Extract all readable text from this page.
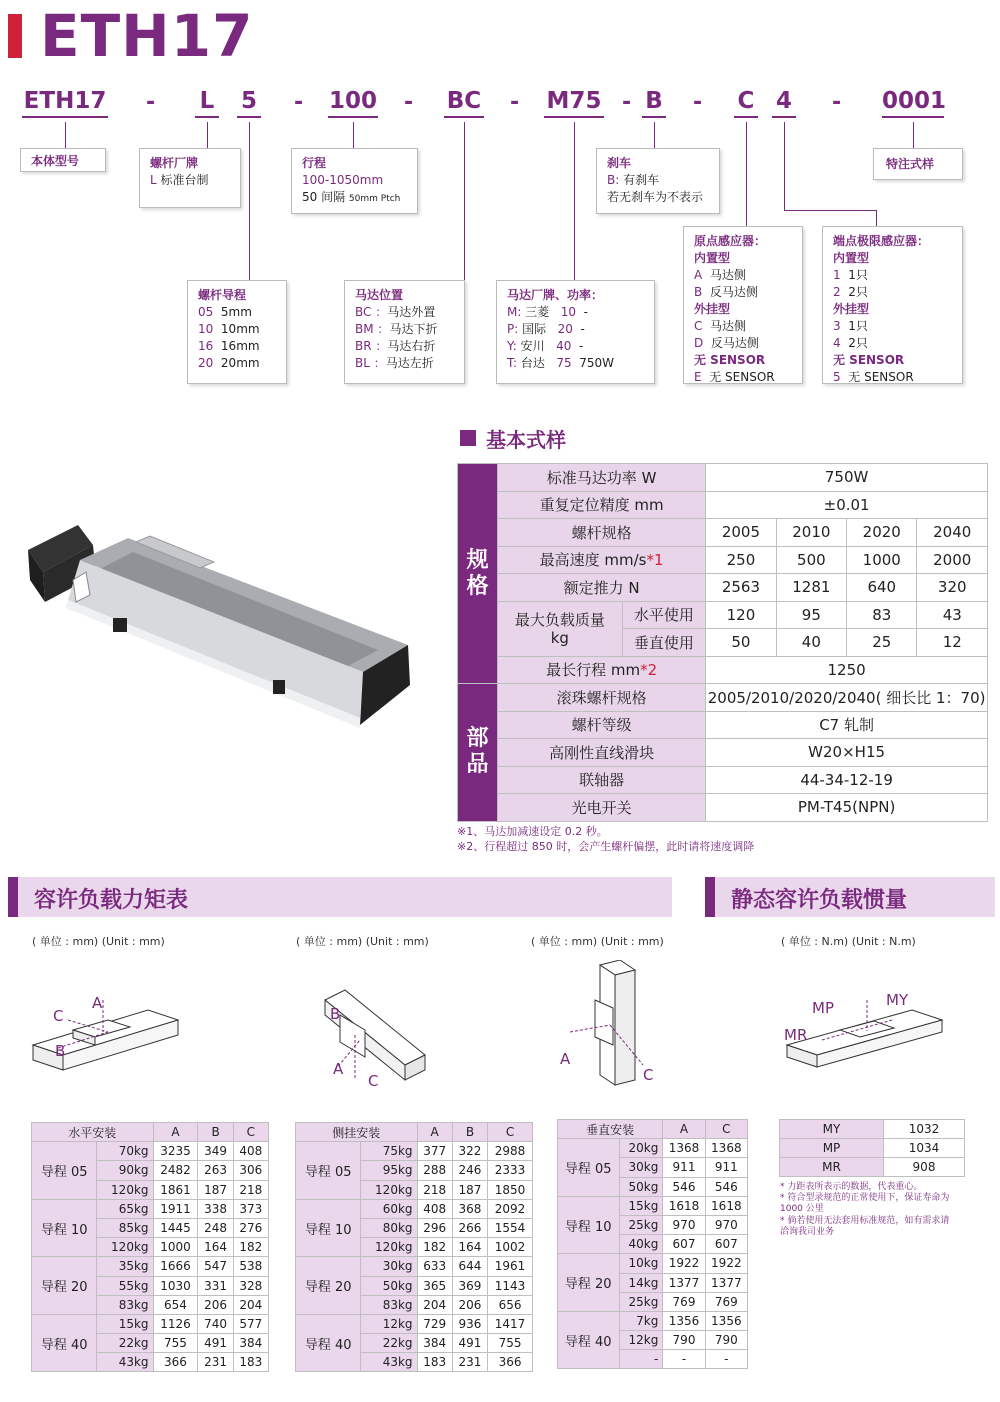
ETH17
ETH17 - L 5 - 100 - BC - M75 - B - C 4 - 0001
本体型号	螺杆厂牌
L 标准台制
行程
100-1050mm
50 间隔 50mm Ptch
刹车
B: 有刹车
若无刹车为不表示
特注式样
螺杆导程
05 5mm
10 10mm
16 16mm
20 20mm
马达位置
BC ：马达外置
BM ：马达下折
BR ：马达右折
BL ：马达左折
马达厂牌、功率：
M: 三菱 10 -
P: 国际 20 -
Y: 安川 40 -
T: 台达 75 750W
原点感应器：
内置型
A 马达侧
B 反马达侧
外挂型
C 马达侧
D 反马达侧
无 SENSOR
E 无 SENSOR
端点极限感应器：
内置型
1 1只
2 2只
外挂型
3 1只
4 2只
无 SENSOR
5 无 SENSOR
基本式样
规格	标准马达功率 W		750W			
	重复定位精度 mm		±0.01			
	螺杆规格		2005	2010	2020	2040
	最高速度 mm/s*1		250	500	1000	2000
	额定推力 N		2563	1281	640	320

	最大负载质量
kg	水平使用	120	95	83	43
		垂直使用	50	40	25	12
	最长行程 mm*2		1250			
部品	滚珠螺杆规格		2005/2010/2020/2040( 细长比 1：70)			
	螺杆等级		C7 轧制			
	高刚性直线滑块		W20×H15			
	联轴器		44-34-12-19			
	光电开关		PM-T45(NPN)			
※1、马达加减速设定 0.2 秒。
※2、行程超过 850 时，会产生螺杆偏摆，此时请将速度调降
容许负载力矩表	静态容许负载惯量
( 单位 : mm) (Unit : mm)	( 单位 : mm) (Unit : mm)	( 单位 : mm) (Unit : mm)	( 单位 : N.m) (Unit : N.m)
A
C
B
B
A
C
A
C
MP	MY
MR
水平安装		A	B	C
导程 05	70kg	3235	349	408
	90kg	2482	263	306
	120kg	1861	187	218
导程 10	65kg	1911	338	373
	85kg	1445	248	276
	120kg	1000	164	182
导程 20	35kg	1666	547	538
	55kg	1030	331	328
	83kg	654	206	204
导程 40	15kg	1126	740	577
	22kg	755	491	384
	43kg	366	231	183
侧挂安装		A	B	C
导程 05	75kg	377	322	2988
	95kg	288	246	2333
	120kg	218	187	1850
导程 10	60kg	408	368	2092
	80kg	296	266	1554
	120kg	182	164	1002
导程 20	30kg	633	644	1961
	50kg	365	369	1143
	83kg	204	206	656
导程 40	12kg	729	936	1417
	22kg	384	491	755
	43kg	183	231	366
垂直安装		A	C
导程 05	20kg	1368	1368
	30kg	911	911
	50kg	546	546
导程 10	15kg	1618	1618
	25kg	970	970
	40kg	607	607
导程 20	10kg	1922	1922
	14kg	1377	1377
	25kg	769	769
导程 40	7kg	1356	1356
	12kg	790	790
	-	-	-
MY	1032
MP	1034
MR	908
* 力距表所表示的数据，代表重心。
* 符合型录规范的正常使用下，保证寿命为
1000 公里
* 倘若使用无法套用标准规范，如有需求请
洽询我司业务
